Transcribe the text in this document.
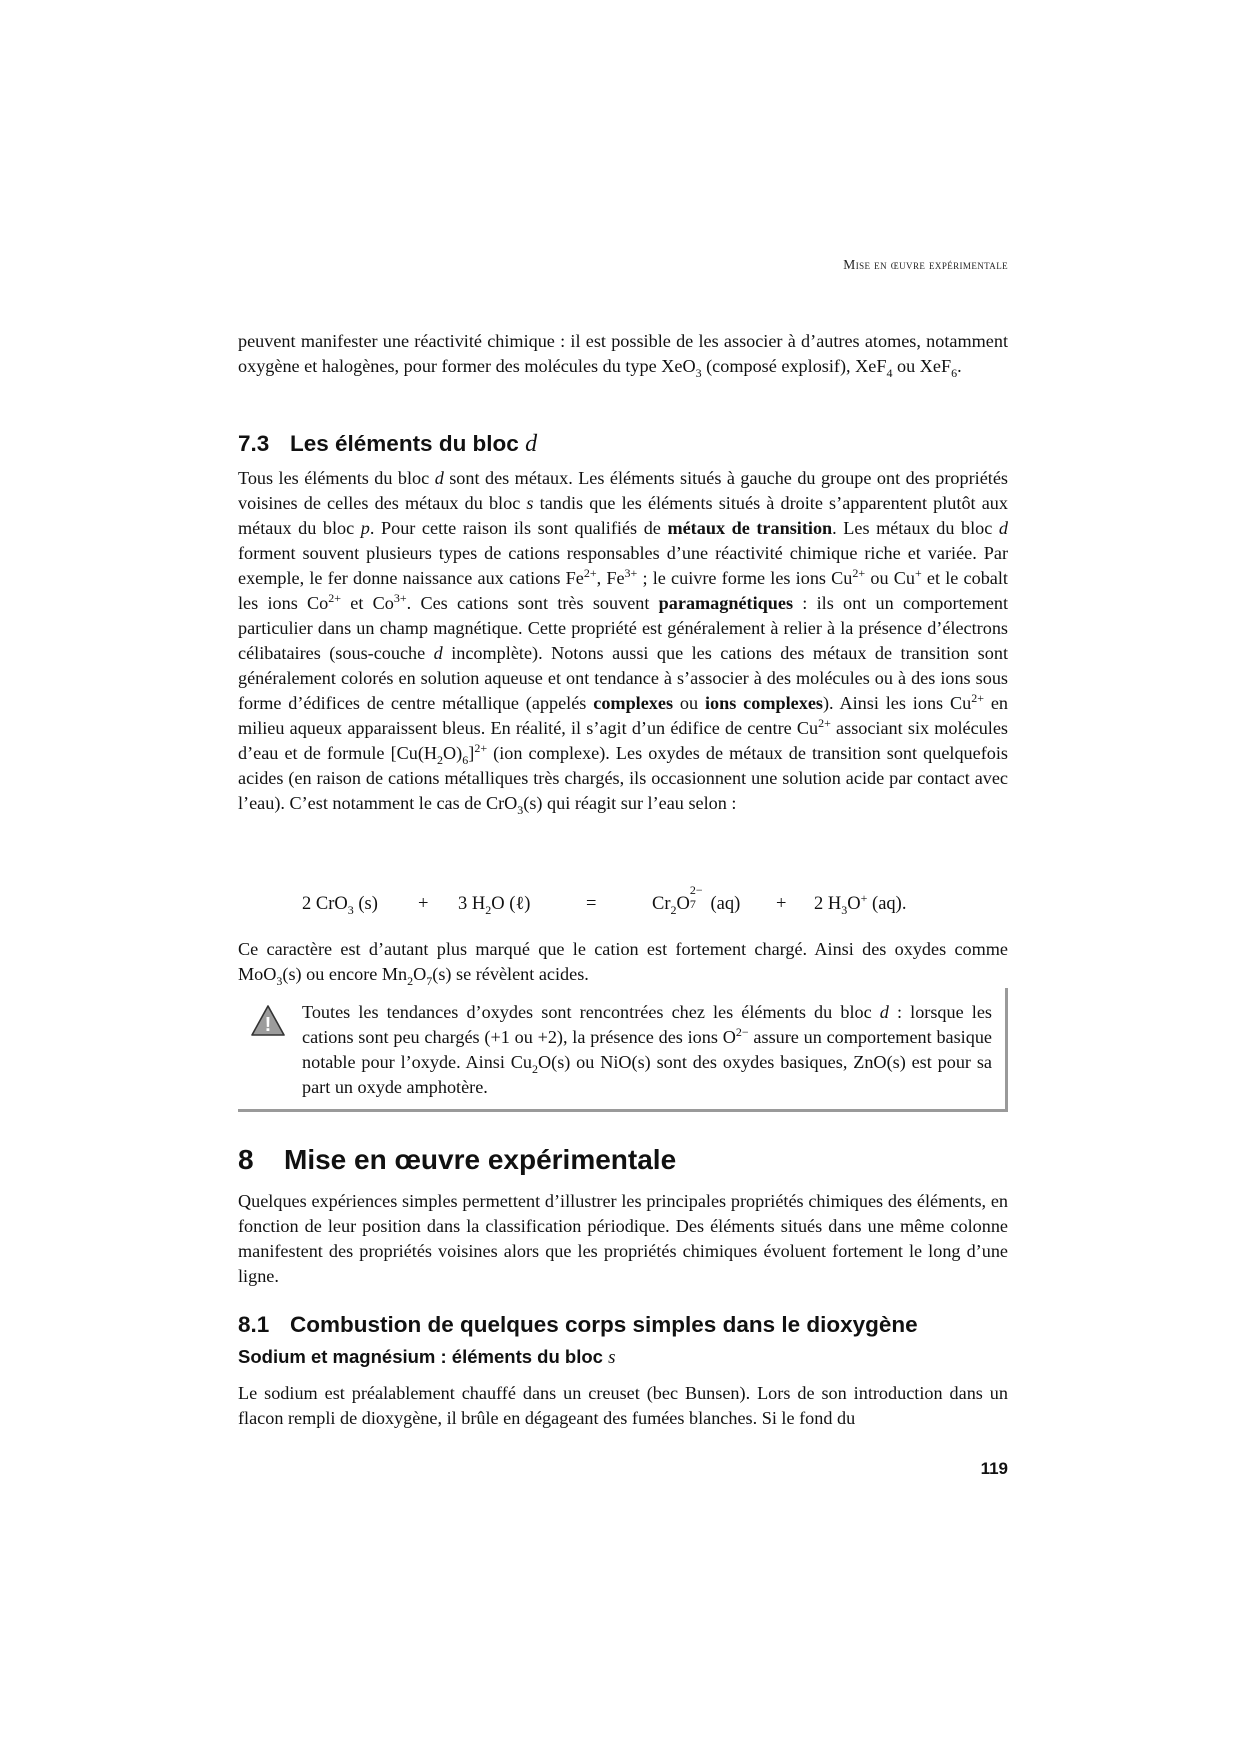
Mise en œuvre expérimentale

peuvent manifester une réactivité chimique : il est possible de les associer à d’autres atomes, notamment oxygène et halogènes, pour former des molécules du type XeO$_3$ (composé explosif), XeF$_4$ ou XeF$_6$.

7.3 Les éléments du bloc d

Tous les éléments du bloc d sont des métaux. Les éléments situés à gauche du groupe ont des propriétés voisines de celles des métaux du bloc s tandis que les éléments situés à droite s’apparentent plutôt aux métaux du bloc p. Pour cette raison ils sont qualifiés de métaux de transition. Les métaux du bloc d forment souvent plusieurs types de cations responsables d’une réactivité chimique riche et variée. Par exemple, le fer donne naissance aux cations $Fe^{2+}$, $Fe^{3+}$ ; le cuivre forme les ions $Cu^{2+}$ ou Cu+ et le cobalt les ions $Co^{2+}$ et $Co^{3+}$. Ces cations sont très souvent paramagnétiques : ils ont un comportement particulier dans un champ magnétique. Cette propriété est généralement à relier à la présence d’électrons célibataires (sous-couche d incomplète). Notons aussi que les cations des métaux de transition sont généralement colorés en solution aqueuse et ont tendance à s’associer à des molécules ou à des ions sous forme d’édifices de centre métallique (appelés complexes ou ions complexes). Ainsi les ions $Cu^{2+}$ en milieu aqueux apparaissent bleus. En réalité, il s’agit d’un édifice de centre $Cu^{2+}$ associant six molécules d’eau et de formule $[Cu(H_2O)_6]^{2+}$ (ion complexe). Les oxydes de métaux de transition sont quelquefois acides (en raison de cations métalliques très chargés, ils occasionnent une solution acide par contact avec l’eau). C’est notamment le cas de CrO$_3$(s) qui réagit sur l’eau selon :

2 CrO$_3$ (s) + 3 $H_2O$ (ℓ)	=	$Cr_2O$
2−
7 (aq) + 2 $H_3O^+$ (aq).

Ce caractère est d’autant plus marqué que le cation est fortement chargé. Ainsi des oxydes comme MoO$_3$(s) ou encore $Mn_2O_7(s)$ se révèlent acides.

!

Toutes les tendances d’oxydes sont rencontrées chez les éléments du bloc d : lorsque les cations sont peu chargés (+1 ou +2), la présence des ions $O^{2-}$ assure un comportement basique notable pour l’oxyde. Ainsi $Cu_2O(s)$ ou NiO(s) sont des oxydes basiques, ZnO(s) est pour sa part un oxyde amphotère.

8 Mise en œuvre expérimentale

Quelques expériences simples permettent d’illustrer les principales propriétés chimiques des éléments, en fonction de leur position dans la classification périodique. Des éléments situés dans une même colonne manifestent des propriétés voisines alors que les propriétés chimiques évoluent fortement le long d’une ligne.

8.1 Combustion de quelques corps simples dans le dioxygène
Sodium et magnésium : éléments du bloc s

Le sodium est préalablement chauffé dans un creuset (bec Bunsen). Lors de son introduction dans un flacon rempli de dioxygène, il brûle en dégageant des fumées blanches. Si le fond du

119
